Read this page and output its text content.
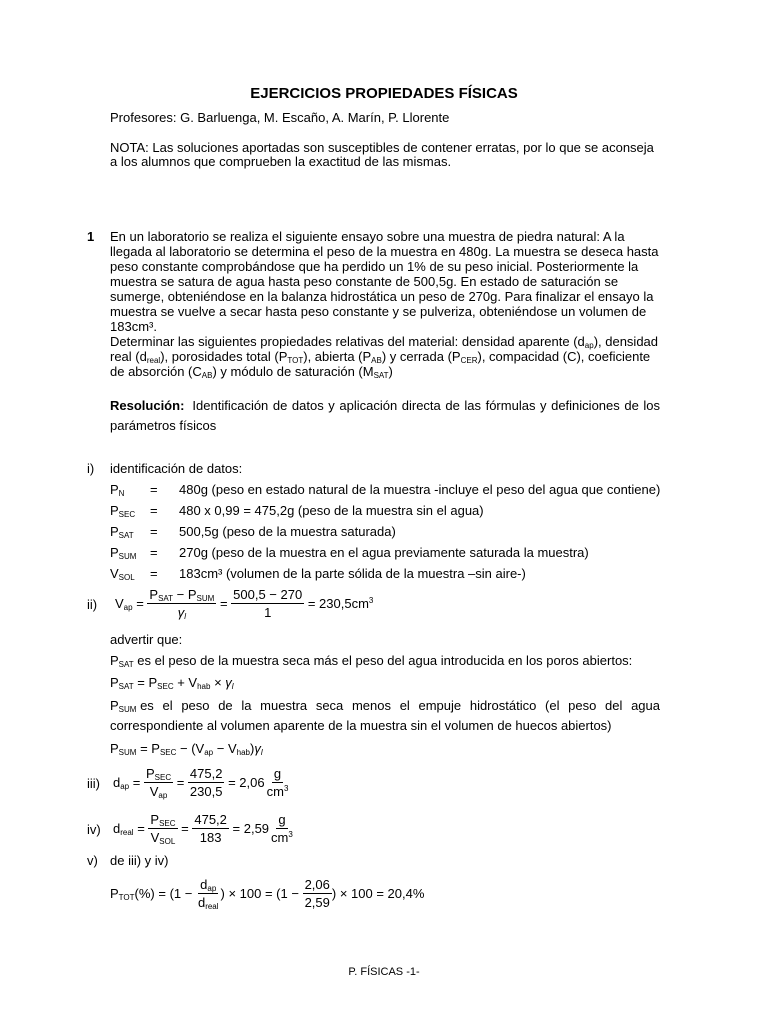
EJERCICIOS PROPIEDADES FÍSICAS
Profesores: G. Barluenga, M. Escaño, A. Marín, P. Llorente
NOTA: Las soluciones aportadas son susceptibles de contener erratas, por lo que se aconseja
a los alumnos que comprueben la exactitud de las mismas.
1 En un laboratorio se realiza el siguiente ensayo sobre una muestra de piedra natural: A la
llegada al laboratorio se determina el peso de la muestra en 480g. La muestra se deseca hasta
peso constante comprobándose que ha perdido un 1% de su peso inicial. Posteriormente la
muestra se satura de agua hasta peso constante de 500,5g. En estado de saturación se
sumerge, obteniéndose en la balanza hidrostática un peso de 270g. Para finalizar el ensayo la
muestra se vuelve a secar hasta peso constante y se pulveriza, obteniéndose un volumen de
183cm³.
Determinar las siguientes propiedades relativas del material: densidad aparente $(d_{ap})$, densidad
real $(d_{real})$, porosidades total $(P_{TOT})$, abierta $(P_{AB})$ y cerrada $(P_{CER})$, compacidad (C), coeficiente
de absorción $(C_{AB})$ y módulo de saturación $(M_{SAT})$
Resolución: Identificación de datos y aplicación directa de las fórmulas y definiciones de los
parámetros físicos
i) identificación de datos:
$P_N = 480g$ (peso en estado natural de la muestra -incluye el peso del agua que contiene)
$P_{SEC} = 480$ x 0,99 = 475,2g (peso de la muestra sin el agua)
$P_{SAT} = 500,5g$ (peso de la muestra saturada)
$P_{SUM} = 270g$ (peso de la muestra en el agua previamente saturada la muestra)
$V_{SOL} = 183cm^3$ (volumen de la parte sólida de la muestra –sin aire-)
ii) $V_{ap} = \frac{P_{SAT} - P_{SUM}}{\gamma_l} = \frac{500,5 - 270}{1} = 230,5cm^3$
advertir que:
$P_{SAT}$ es el peso de la muestra seca más el peso del agua introducida en los poros abiertos:
$P_{SAT} = P_{SEC} + V_{hab} \times \gamma_l$
$P_{SUM}$ es el peso de la muestra seca menos el empuje hidrostático (el peso del agua
correspondiente al volumen aparente de la muestra sin el volumen de huecos abiertos)
$P_{SUM} = P_{SEC} - (V_{ap} - V_{hab})\gamma_l$
iii) $d_{ap} = \frac{P_{SEC}}{V_{ap}} = \frac{475,2}{230,5} = 2,06 \frac{g}{cm^3}$
iv) $d_{real} = \frac{P_{SEC}}{V_{SOL}} = \frac{475,2}{183} = 2,59 \frac{g}{cm^3}$
v) de iii) y iv)
$P_{TOT}(\%) = (1 - \frac{d_{ap}}{d_{real}}$ ) × $100 = (1 - \frac{2,06}{2,59}$ ) × 100 = 20,4%
P. FÍSICAS -1-
